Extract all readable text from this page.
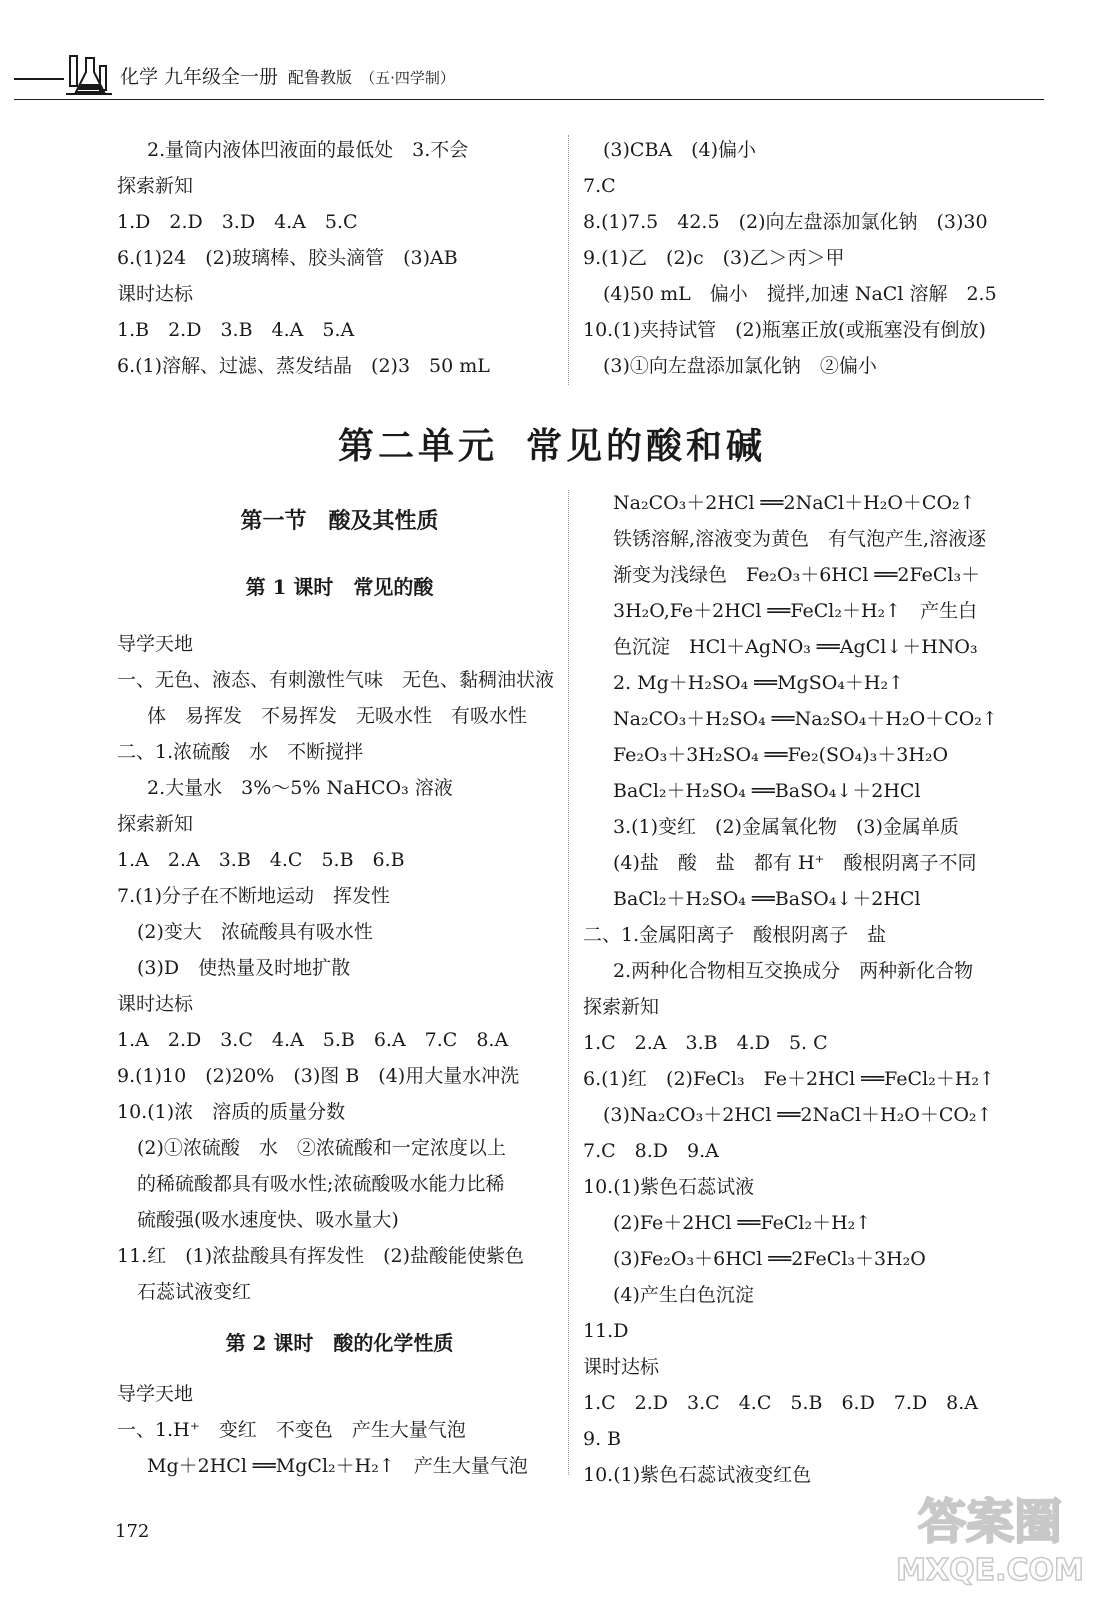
化学 九年级全一册 配鲁教版 （五·四学制）
2.量筒内液体凹液面的最低处　3.不会
探索新知
1.D　2.D　3.D　4.A　5.C
6.(1)24　(2)玻璃棒、胶头滴管　(3)AB
课时达标
1.B　2.D　3.B　4.A　5.A
6.(1)溶解、过滤、蒸发结晶　(2)3　50 mL
(3)CBA　(4)偏小
7.C
8.(1)7.5　42.5　(2)向左盘添加氯化钠　(3)30
9.(1)乙　(2)c　(3)乙＞丙＞甲
(4)50 mL　偏小　搅拌,加速 NaCl 溶解　2.5
10.(1)夹持试管　(2)瓶塞正放(或瓶塞没有倒放)
(3)①向左盘添加氯化钠　②偏小
第二单元 常见的酸和碱
第一节　酸及其性质
第 1 课时　常见的酸
导学天地
一、无色、液态、有刺激性气味　无色、黏稠油状液
体　易挥发　不易挥发　无吸水性　有吸水性
二、1.浓硫酸　水　不断搅拌
2.大量水　3%～5% NaHCO₃ 溶液
探索新知
1.A　2.A　3.B　4.C　5.B　6.B
7.(1)分子在不断地运动　挥发性
(2)变大　浓硫酸具有吸水性
(3)D　使热量及时地扩散
课时达标
1.A　2.D　3.C　4.A　5.B　6.A　7.C　8.A
9.(1)10　(2)20%　(3)图 B　(4)用大量水冲洗
10.(1)浓　溶质的质量分数
(2)①浓硫酸　水　②浓硫酸和一定浓度以上
的稀硫酸都具有吸水性;浓硫酸吸水能力比稀
硫酸强(吸水速度快、吸水量大)
11.红　(1)浓盐酸具有挥发性　(2)盐酸能使紫色
石蕊试液变红
第 2 课时　酸的化学性质
导学天地
一、1.H⁺　变红　不变色　产生大量气泡
Mg＋2HCl ══MgCl₂＋H₂↑　产生大量气泡
Na₂CO₃＋2HCl ══2NaCl＋H₂O＋CO₂↑
铁锈溶解,溶液变为黄色　有气泡产生,溶液逐
渐变为浅绿色　Fe₂O₃＋6HCl ══2FeCl₃＋
3H₂O,Fe＋2HCl ══FeCl₂＋H₂↑　产生白
色沉淀　HCl＋AgNO₃ ══AgCl↓＋HNO₃
2. Mg＋H₂SO₄ ══MgSO₄＋H₂↑
Na₂CO₃＋H₂SO₄ ══Na₂SO₄＋H₂O＋CO₂↑
Fe₂O₃＋3H₂SO₄ ══Fe₂(SO₄)₃＋3H₂O
BaCl₂＋H₂SO₄ ══BaSO₄↓＋2HCl
3.(1)变红　(2)金属氧化物　(3)金属单质
(4)盐　酸　盐　都有 H⁺　酸根阴离子不同
BaCl₂＋H₂SO₄ ══BaSO₄↓＋2HCl
二、1.金属阳离子　酸根阴离子　盐
2.两种化合物相互交换成分　两种新化合物
探索新知
1.C　2.A　3.B　4.D　5. C
6.(1)红　(2)FeCl₃　Fe＋2HCl ══FeCl₂＋H₂↑
(3)Na₂CO₃＋2HCl ══2NaCl＋H₂O＋CO₂↑
7.C　8.D　9.A
10.(1)紫色石蕊试液
(2)Fe＋2HCl ══FeCl₂＋H₂↑
(3)Fe₂O₃＋6HCl ══2FeCl₃＋3H₂O
(4)产生白色沉淀
11.D
课时达标
1.C　2.D　3.C　4.C　5.B　6.D　7.D　8.A
9. B
10.(1)紫色石蕊试液变红色
172	答案圈
MXQE.COM
